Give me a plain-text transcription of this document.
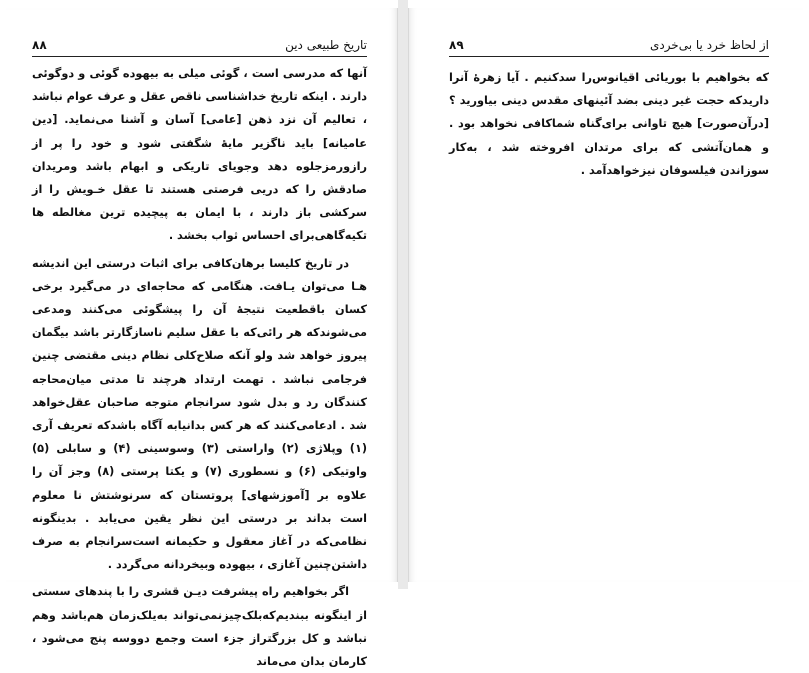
تاريخ طبيعى دين
۸۸

آنها که مدرسی است ، گوئی میلی به بیهوده گوئی و دوگوئی دارند . اینکه تاریخ خداشناسی ناقص عقل و عرف عوام نباشد ، تعالیم آن نزد ذهن [عامی] آسان و آشنا می‌نماید. [دین عامیانه] باید ناگزیر مایهٔ شگفتی شود و خود را پر از رازورمزجلوه دهد وجویای تاریکی و ابهام باشد ومریدان صادقش را که دریی فرصتی هستند تا عقل خـویش را از سرکشی باز دارند ، با ایمان به پیچیده ترین مغالطه ها تکیه‌گاهی‌برای احساس ثواب بخشد .

در تاریخ کلیسا برهان‌کافی برای اثبات درستی این اندیشه هـا می‌توان یـافت. هنگامی که محاجه‌ای در می‌گیرد برخی کسان باقطعیت نتیجهٔ آن را پیشگوئی می‌کنند ومدعی می‌شوندکه هر رائی‌که با عقل سلیم ناسازگارتر باشد بیگمان پیروز خواهد شد ولو آنکه صلاح‌کلی نظام دینی مقتضی چنین فرجامی نباشد . تهمت ارتداد هرچند تا مدتی میان‌محاجه کنندگان رد و بدل شود سرانجام متوجه صاحبان عقل‌خواهد شد . ادعامی‌کنند که هر کس بدانیابه آگاه باشدکه تعریف آری (۱) وپلاژی (۲) واراستی (۳) وسوسینی (۴) و سابلی (۵) واوتیکی (۶) و نسطوری (۷) و یکتا پرستی (۸) وجز آن را علاوه بر [آموزشهای] پروتستان که سرنوشتش نا معلوم است بداند بر درستی این نظر یقین می‌یابد . بدینگونه نظامی‌که در آغاز معقول و حکیمانه است‌سرانجام به صرف داشتن‌چنین آغازی ، بیهوده وبیخردانه می‌گردد .

اگر بخواهیم راه پیشرفت دیـن قشری را با پندهای سستی از اینگونه ببندیم‌که‌بلک‌چیز‌نمی‌تواند به‌یلک‌زمان هم‌باشد وهم نباشد و کل بزرگتراز جزء است وجمع دووسه پنج می‌شود ، کارمان بدان می‌ماند

از لحاظ خرد یا بی‌خردی
۸۹

که بخواهیم با بوریائی اقیانوس‌را سدکنیم . آیا زهرهٔ آنرا داریدکه حجت غیر دینی بضد آئینهای مقدس دینی بیاورید ؟ [درآن‌صورت] هیچ تاوانی برای‌گناه شماکافی نخواهد بود . و همان‌آتشی که برای مرتدان افروخته شد ، به‌کار سوزاندن فیلسوفان نیزخواهدآمد .
